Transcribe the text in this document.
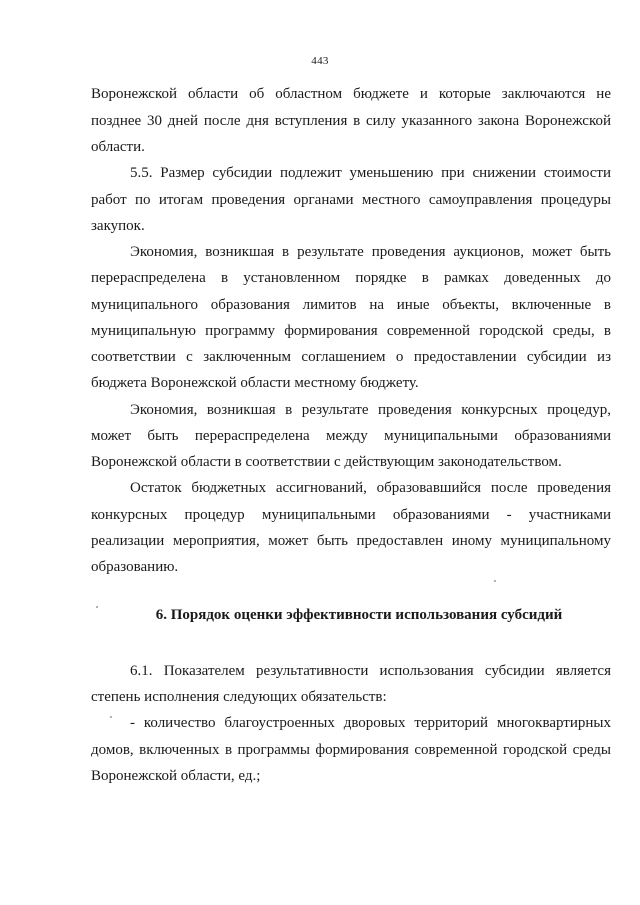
443
Воронежской области об областном бюджете и которые заключаются не
позднее 30 дней после дня вступления в силу указанного закона Воронежской
области.
5.5. Размер субсидии подлежит уменьшению при снижении стоимости
работ по итогам проведения органами местного самоуправления процедуры
закупок.
Экономия, возникшая в результате проведения аукционов, может быть
перераспределена в установленном порядке в рамках доведенных до
муниципального образования лимитов на иные объекты, включенные в
муниципальную программу формирования современной городской среды, в
соответствии с заключенным соглашением о предоставлении субсидии из
бюджета Воронежской области местному бюджету.
Экономия, возникшая в результате проведения конкурсных процедур,
может быть перераспределена между муниципальными образованиями
Воронежской области в соответствии с действующим законодательством.
Остаток бюджетных ассигнований, образовавшийся после проведения
конкурсных процедур муниципальными образованиями - участниками
реализации мероприятия, может быть предоставлен иному муниципальному
образованию.
6. Порядок оценки эффективности использования субсидий
6.1. Показателем результативности использования субсидии является
степень исполнения следующих обязательств:
- количество благоустроенных дворовых территорий многоквартирных
домов, включенных в программы формирования современной городской среды
Воронежской области, ед.;
